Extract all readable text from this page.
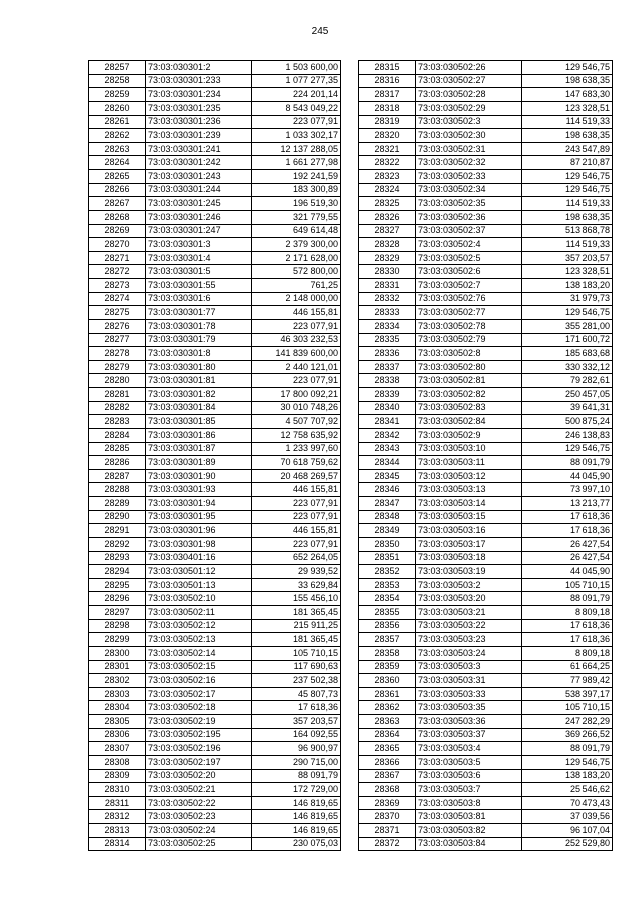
245
28257	73:03:030301:2	1 503 600,00
28258	73:03:030301:233	1 077 277,35
28259	73:03:030301:234	224 201,14
28260	73:03:030301:235	8 543 049,22
28261	73:03:030301:236	223 077,91
28262	73:03:030301:239	1 033 302,17
28263	73:03:030301:241	12 137 288,05
28264	73:03:030301:242	1 661 277,98
28265	73:03:030301:243	192 241,59
28266	73:03:030301:244	183 300,89
28267	73:03:030301:245	196 519,30
28268	73:03:030301:246	321 779,55
28269	73:03:030301:247	649 614,48
28270	73:03:030301:3	2 379 300,00
28271	73:03:030301:4	2 171 628,00
28272	73:03:030301:5	572 800,00
28273	73:03:030301:55	761,25
28274	73:03:030301:6	2 148 000,00
28275	73:03:030301:77	446 155,81
28276	73:03:030301:78	223 077,91
28277	73:03:030301:79	46 303 232,53
28278	73:03:030301:8	141 839 600,00
28279	73:03:030301:80	2 440 121,01
28280	73:03:030301:81	223 077,91
28281	73:03:030301:82	17 800 092,21
28282	73:03:030301:84	30 010 748,26
28283	73:03:030301:85	4 507 707,92
28284	73:03:030301:86	12 758 635,92
28285	73:03:030301:87	1 233 997,60
28286	73:03:030301:89	70 618 759,62
28287	73:03:030301:90	20 468 269,57
28288	73:03:030301:93	446 155,81
28289	73:03:030301:94	223 077,91
28290	73:03:030301:95	223 077,91
28291	73:03:030301:96	446 155,81
28292	73:03:030301:98	223 077,91
28293	73:03:030401:16	652 264,05
28294	73:03:030501:12	29 939,52
28295	73:03:030501:13	33 629,84
28296	73:03:030502:10	155 456,10
28297	73:03:030502:11	181 365,45
28298	73:03:030502:12	215 911,25
28299	73:03:030502:13	181 365,45
28300	73:03:030502:14	105 710,15
28301	73:03:030502:15	117 690,63
28302	73:03:030502:16	237 502,38
28303	73:03:030502:17	45 807,73
28304	73:03:030502:18	17 618,36
28305	73:03:030502:19	357 203,57
28306	73:03:030502:195	164 092,55
28307	73:03:030502:196	96 900,97
28308	73:03:030502:197	290 715,00
28309	73:03:030502:20	88 091,79
28310	73:03:030502:21	172 729,00
28311	73:03:030502:22	146 819,65
28312	73:03:030502:23	146 819,65
28313	73:03:030502:24	146 819,65
28314	73:03:030502:25	230 075,03
28315	73:03:030502:26	129 546,75
28316	73:03:030502:27	198 638,35
28317	73:03:030502:28	147 683,30
28318	73:03:030502:29	123 328,51
28319	73:03:030502:3	114 519,33
28320	73:03:030502:30	198 638,35
28321	73:03:030502:31	243 547,89
28322	73:03:030502:32	87 210,87
28323	73:03:030502:33	129 546,75
28324	73:03:030502:34	129 546,75
28325	73:03:030502:35	114 519,33
28326	73:03:030502:36	198 638,35
28327	73:03:030502:37	513 868,78
28328	73:03:030502:4	114 519,33
28329	73:03:030502:5	357 203,57
28330	73:03:030502:6	123 328,51
28331	73:03:030502:7	138 183,20
28332	73:03:030502:76	31 979,73
28333	73:03:030502:77	129 546,75
28334	73:03:030502:78	355 281,00
28335	73:03:030502:79	171 600,72
28336	73:03:030502:8	185 683,68
28337	73:03:030502:80	330 332,12
28338	73:03:030502:81	79 282,61
28339	73:03:030502:82	250 457,05
28340	73:03:030502:83	39 641,31
28341	73:03:030502:84	500 875,24
28342	73:03:030502:9	246 138,83
28343	73:03:030503:10	129 546,75
28344	73:03:030503:11	88 091,79
28345	73:03:030503:12	44 045,90
28346	73:03:030503:13	73 997,10
28347	73:03:030503:14	13 213,77
28348	73:03:030503:15	17 618,36
28349	73:03:030503:16	17 618,36
28350	73:03:030503:17	26 427,54
28351	73:03:030503:18	26 427,54
28352	73:03:030503:19	44 045,90
28353	73:03:030503:2	105 710,15
28354	73:03:030503:20	88 091,79
28355	73:03:030503:21	8 809,18
28356	73:03:030503:22	17 618,36
28357	73:03:030503:23	17 618,36
28358	73:03:030503:24	8 809,18
28359	73:03:030503:3	61 664,25
28360	73:03:030503:31	77 989,42
28361	73:03:030503:33	538 397,17
28362	73:03:030503:35	105 710,15
28363	73:03:030503:36	247 282,29
28364	73:03:030503:37	369 266,52
28365	73:03:030503:4	88 091,79
28366	73:03:030503:5	129 546,75
28367	73:03:030503:6	138 183,20
28368	73:03:030503:7	25 546,62
28369	73:03:030503:8	70 473,43
28370	73:03:030503:81	37 039,56
28371	73:03:030503:82	96 107,04
28372	73:03:030503:84	252 529,80
